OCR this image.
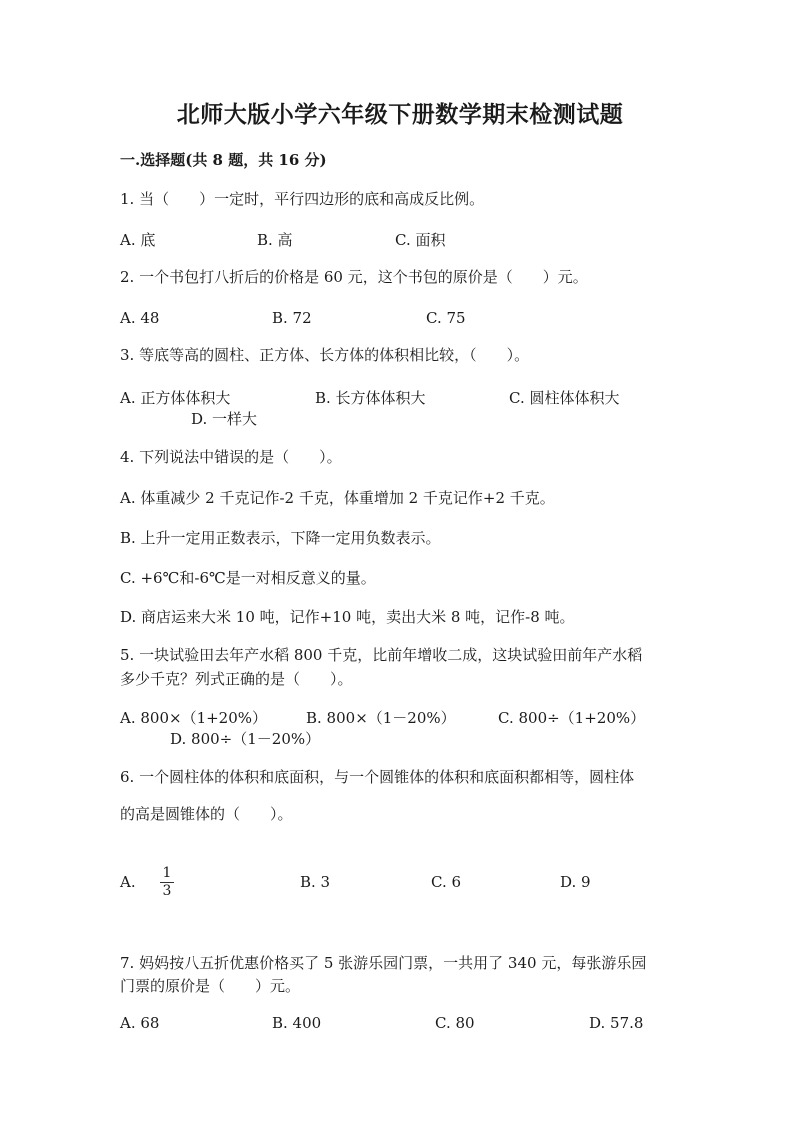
北师大版小学六年级下册数学期末检测试题
一.选择题(共 8 题，共 16 分)
1. 当（　　）一定时，平行四边形的底和高成反比例。
A. 底	B. 高	C. 面积
2. 一个书包打八折后的价格是 60 元，这个书包的原价是（　　）元。
A. 48	B. 72	C. 75
3. 等底等高的圆柱、正方体、长方体的体积相比较，（　　）。
A. 正方体体积大	B. 长方体体积大	C. 圆柱体体积大
D. 一样大
4. 下列说法中错误的是（　　）。
A. 体重减少 2 千克记作-2 千克，体重增加 2 千克记作+2 千克。
B. 上升一定用正数表示，下降一定用负数表示。
C. +6℃和-6℃是一对相反意义的量。
D. 商店运来大米 10 吨，记作+10 吨，卖出大米 8 吨，记作-8 吨。
5. 一块试验田去年产水稻 800 千克，比前年增收二成，这块试验田前年产水稻
多少千克？列式正确的是（　　）。
A. 800×（1+20%）	B. 800×（1－20%）	C. 800÷（1+20%）
D. 800÷（1－20%）
6. 一个圆柱体的体积和底面积，与一个圆锥体的体积和底面积都相等，圆柱体
的高是圆锥体的（　　）。
A. 1
3	B. 3	C. 6	D. 9
7. 妈妈按八五折优惠价格买了 5 张游乐园门票，一共用了 340 元，每张游乐园
门票的原价是（　　）元。
A. 68	B. 400	C. 80	D. 57.8
